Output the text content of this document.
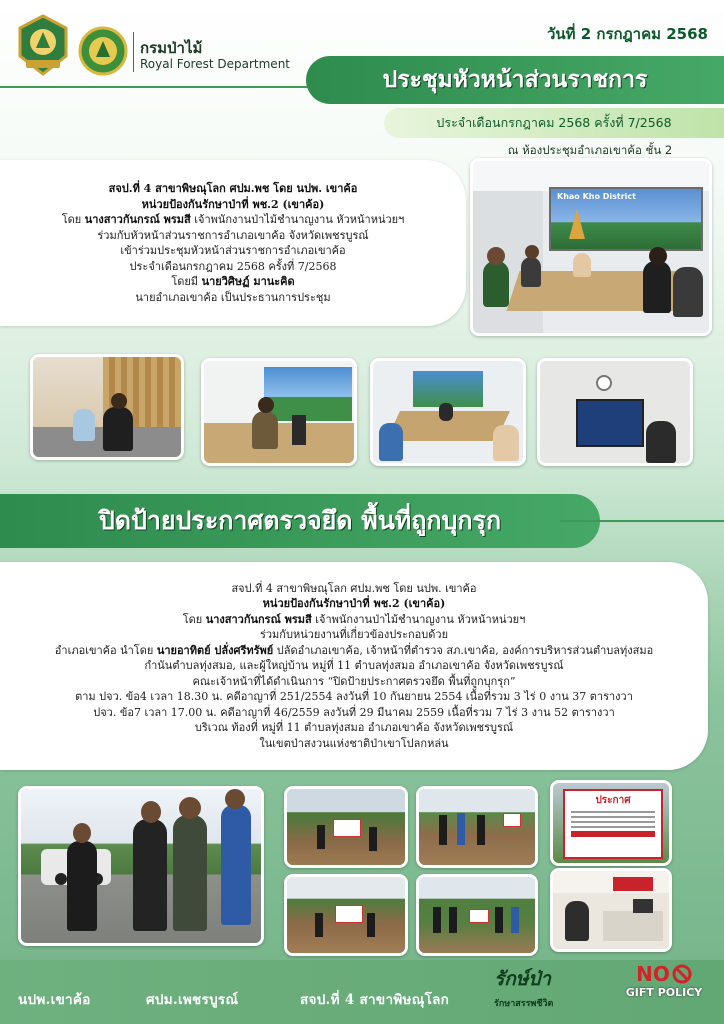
กรมป่าไม้
Royal Forest Department
วันที่ 2 กรกฎาคม 2568
ประชุมหัวหน้าส่วนราชการ
ประจำเดือนกรกฎาคม 2568 ครั้งที่ 7/2568
ณ ห้องประชุมอำเภอเขาค้อ ชั้น 2

สจป.ที่ 4 สาขาพิษณุโลก ศปม.พช โดย นปพ. เขาค้อ

หน่วยป้องกันรักษาป่าที่ พช.2 (เขาค้อ)

โดย นางสาวกันกรณ์ พรมสี เจ้าพนักงานป่าไม้ชำนาญงาน หัวหน้าหน่วยฯ

ร่วมกับหัวหน้าส่วนราชการอำเภอเขาค้อ จังหวัดเพชรบูรณ์

เข้าร่วมประชุมหัวหน้าส่วนราชการอำเภอเขาค้อ

ประจำเดือนกรกฎาคม 2568 ครั้งที่ 7/2568

โดยมี นายวิศิษฏ์ มานะคิด

นายอำเภอเขาค้อ เป็นประธานการประชุม

Khao Kho District
ปิดป้ายประกาศตรวจยึด พื้นที่ถูกบุกรุก

สจป.ที่ 4 สาขาพิษณุโลก ศปม.พช โดย นปพ. เขาค้อ

หน่วยป้องกันรักษาป่าที่ พช.2 (เขาค้อ)

โดย นางสาวกันกรณ์ พรมสี เจ้าพนักงานป่าไม้ชำนาญงาน หัวหน้าหน่วยฯ

ร่วมกับหน่วยงานที่เกี่ยวข้องประกอบด้วย

อำเภอเขาค้อ นำโดย นายอาทิตย์ ปลั่งศรีทรัพย์ ปลัดอำเภอเขาค้อ, เจ้าหน้าที่ตำรวจ สภ.เขาค้อ, องค์การบริหารส่วนตำบลทุ่งสมอ

กำนันตำบลทุ่งสมอ, และผู้ใหญ่บ้าน หมู่ที่ 11 ตำบลทุ่งสมอ อำเภอเขาค้อ จังหวัดเพชรบูรณ์

คณะเจ้าหน้าที่ได้ดำเนินการ “ปิดป้ายประกาศตรวจยึด พื้นที่ถูกบุกรุก”

ตาม ปจว. ข้อ4 เวลา 18.30 น. คดีอาญาที่ 251/2554 ลงวันที่ 10 กันยายน 2554 เนื้อที่รวม 3 ไร่ 0 งาน 37 ตารางวา

ปจว. ข้อ7 เวลา 17.00 น. คดีอาญาที่ 46/2559 ลงวันที่ 29 มีนาคม 2559 เนื้อที่รวม 7 ไร่ 3 งาน 52 ตารางวา

บริเวณ ท้องที่ หมู่ที่ 11 ตำบลทุ่งสมอ อำเภอเขาค้อ จังหวัดเพชรบูรณ์

ในเขตป่าสงวนแห่งชาติป่าเขาโปลกหล่น

ประกาศ
นปพ.เขาค้อ	ศปม.เพชรบูรณ์	สจป.ที่ 4 สาขาพิษณุโลก
รักษ์ป่า
รักษาสรรพชีวิต
NO
GIFT POLICY
